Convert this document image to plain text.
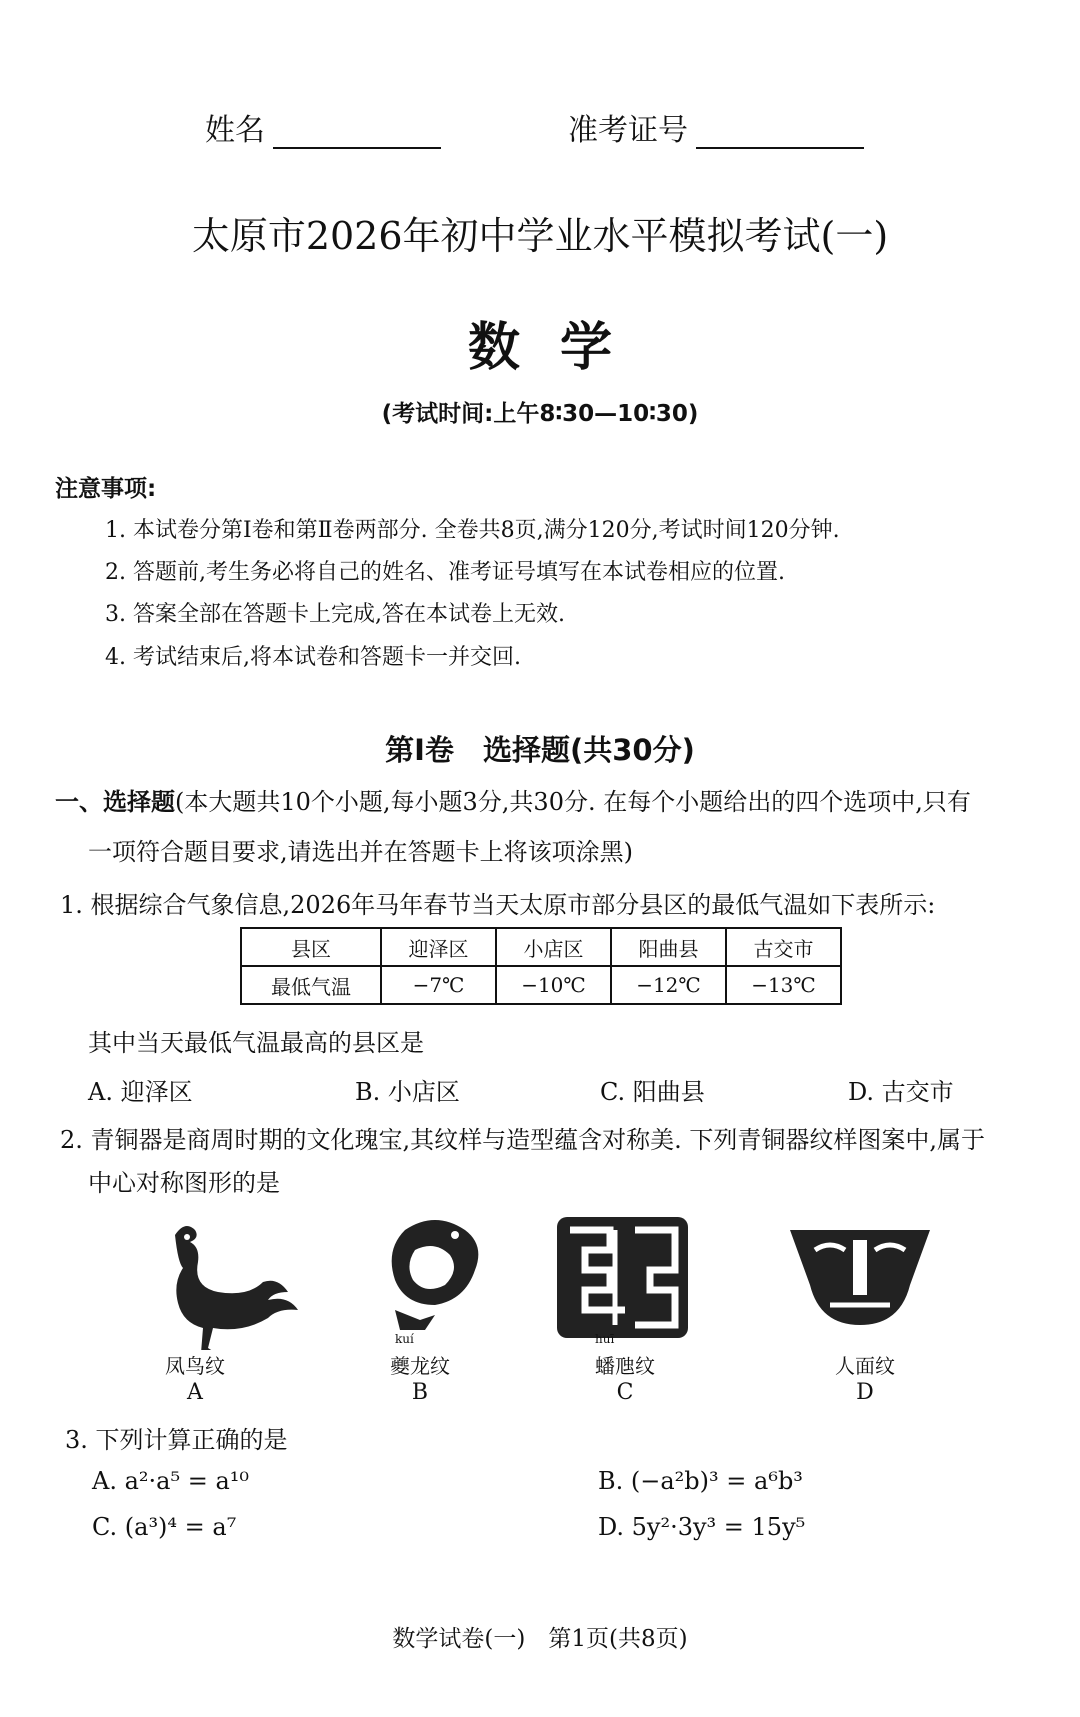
姓名	准考证号
太原市2026年初中学业水平模拟考试(一)
数学
(考试时间:上午8∶30—10∶30)
注意事项:
1. 本试卷分第Ⅰ卷和第Ⅱ卷两部分. 全卷共8页,满分120分,考试时间120分钟.
2. 答题前,考生务必将自己的姓名、准考证号填写在本试卷相应的位置.
3. 答案全部在答题卡上完成,答在本试卷上无效.
4. 考试结束后,将本试卷和答题卡一并交回.
第Ⅰ卷　选择题(共30分)
一、选择题(本大题共10个小题,每小题3分,共30分. 在每个小题给出的四个选项中,只有
一项符合题目要求,请选出并在答题卡上将该项涂黑)
1. 根据综合气象信息,2026年马年春节当天太原市部分县区的最低气温如下表所示:
县区	迎泽区	小店区	阳曲县	古交市
最低气温	−7℃	−10℃	−12℃	−13℃
其中当天最低气温最高的县区是
A. 迎泽区	B. 小店区	C. 阳曲县	D. 古交市
2. 青铜器是商周时期的文化瑰宝,其纹样与造型蕴含对称美. 下列青铜器纹样图案中,属于
中心对称图形的是
kuí	huī
凤鸟纹	夔龙纹	蟠虺纹	人面纹
A	B	C	D
3. 下列计算正确的是
A. a²·a⁵ = a¹⁰	B. (−a²b)³ = a⁶b³
C. (a³)⁴ = a⁷	D. 5y²·3y³ = 15y⁵
数学试卷(一)　第1页(共8页)
